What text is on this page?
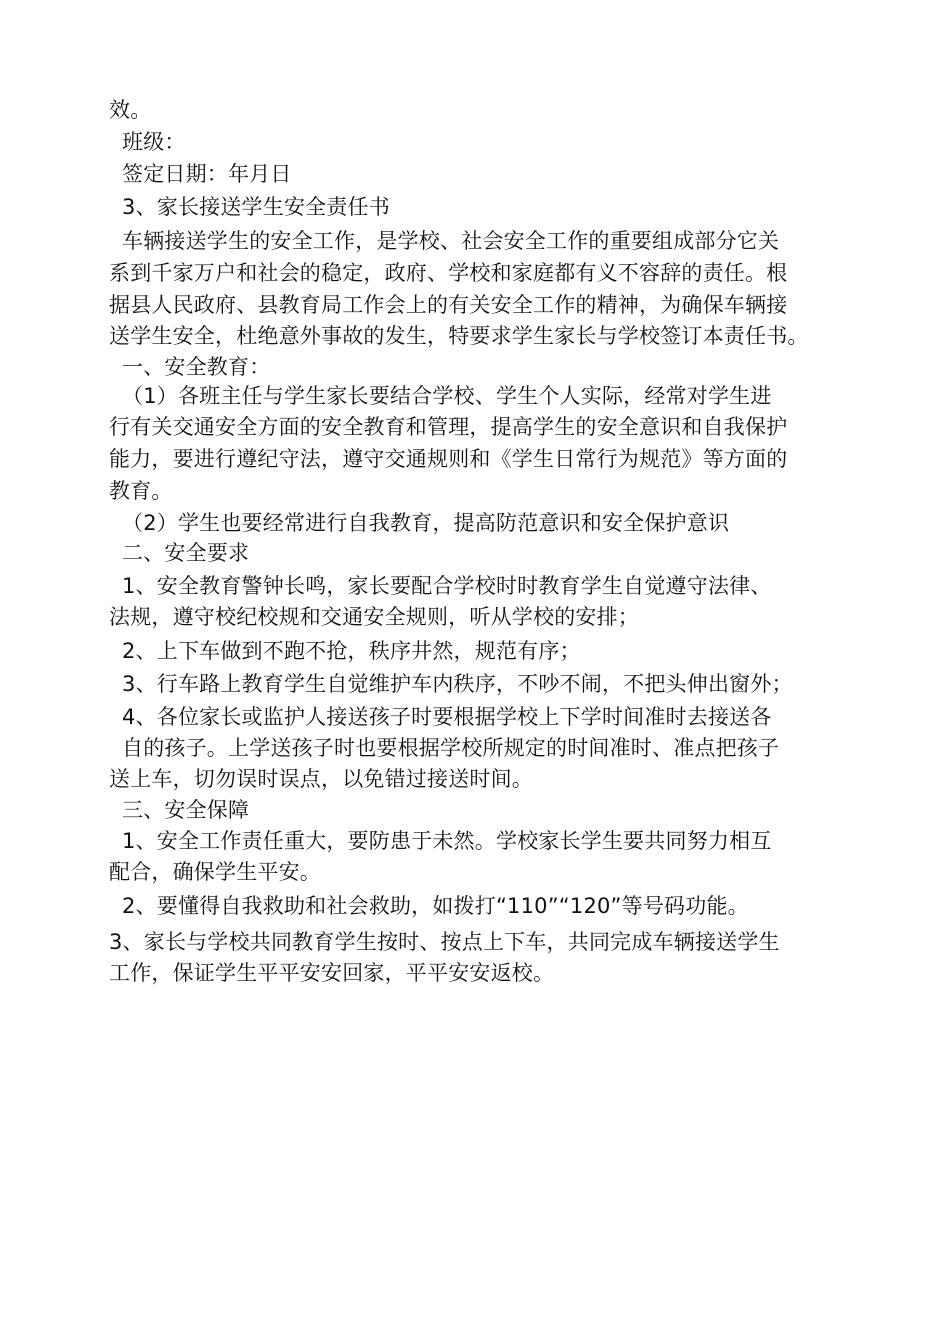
效。
班级：
签定日期：年月日
3、家长接送学生安全责任书
车辆接送学生的安全工作，是学校、社会安全工作的重要组成部分它关
系到千家万户和社会的稳定，政府、学校和家庭都有义不容辞的责任。根
据县人民政府、县教育局工作会上的有关安全工作的精神，为确保车辆接
送学生安全，杜绝意外事故的发生，特要求学生家长与学校签订本责任书。
一、安全教育：
（1）各班主任与学生家长要结合学校、学生个人实际，经常对学生进
行有关交通安全方面的安全教育和管理，提高学生的安全意识和自我保护
能力，要进行遵纪守法，遵守交通规则和《学生日常行为规范》等方面的
教育。
（2）学生也要经常进行自我教育，提高防范意识和安全保护意识
二、安全要求
1、安全教育警钟长鸣，家长要配合学校时时教育学生自觉遵守法律、
法规，遵守校纪校规和交通安全规则，听从学校的安排；
2、上下车做到不跑不抢，秩序井然，规范有序；
3、行车路上教育学生自觉维护车内秩序，不吵不闹，不把头伸出窗外；
4、各位家长或监护人接送孩子时要根据学校上下学时间准时去接送各
自的孩子。上学送孩子时也要根据学校所规定的时间准时、准点把孩子
送上车，切勿误时误点，以免错过接送时间。
三、安全保障
1、安全工作责任重大，要防患于未然。学校家长学生要共同努力相互
配合，确保学生平安。
2、要懂得自我救助和社会救助，如拨打“110”“120”等号码功能。
3、家长与学校共同教育学生按时、按点上下车，共同完成车辆接送学生
工作，保证学生平平安安回家，平平安安返校。
